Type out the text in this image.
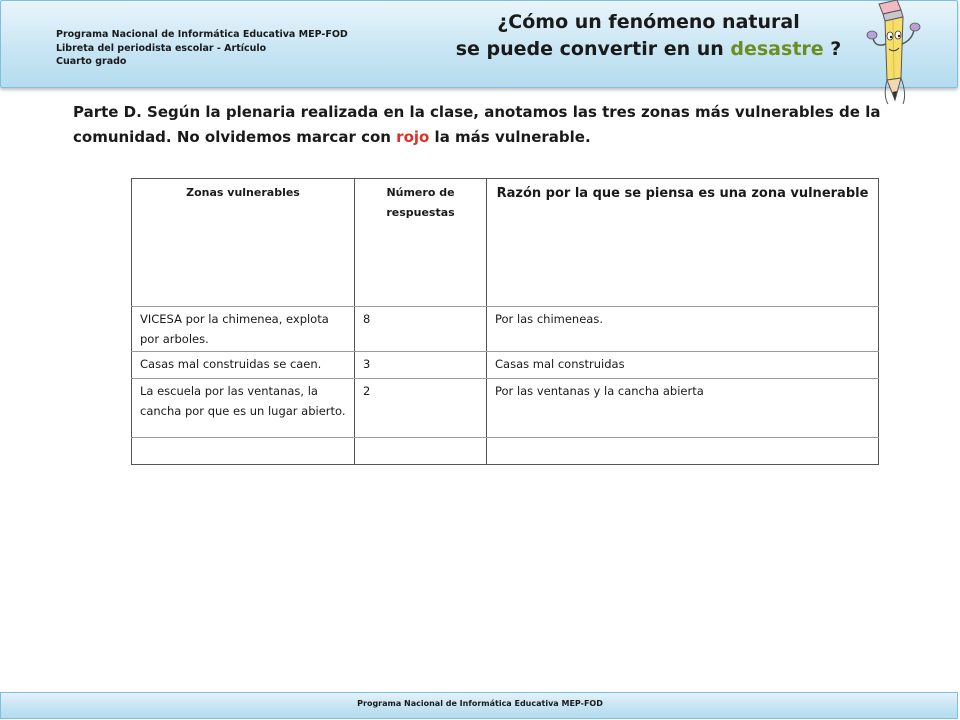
Programa Nacional de Informática Educativa MEP-FOD
Libreta del periodista escolar - Artículo
Cuarto grado
¿Cómo un fenómeno natural
se puede convertir en un desastre ?
Parte D. Según la plenaria realizada en la clase, anotamos las tres zonas más vulnerables de la comunidad. No olvidemos marcar con rojo la más vulnerable.
Zonas vulnerables	Número de respuestas	Razón por la que se piensa es una zona vulnerable
VICESA por la chimenea, explota por arboles.	8	Por las chimeneas.
Casas mal construidas se caen.	3	Casas mal construidas
La escuela por las ventanas, la cancha por que es un lugar abierto.	2	Por las ventanas y la cancha abierta

Programa Nacional de Informática Educativa MEP-FOD
